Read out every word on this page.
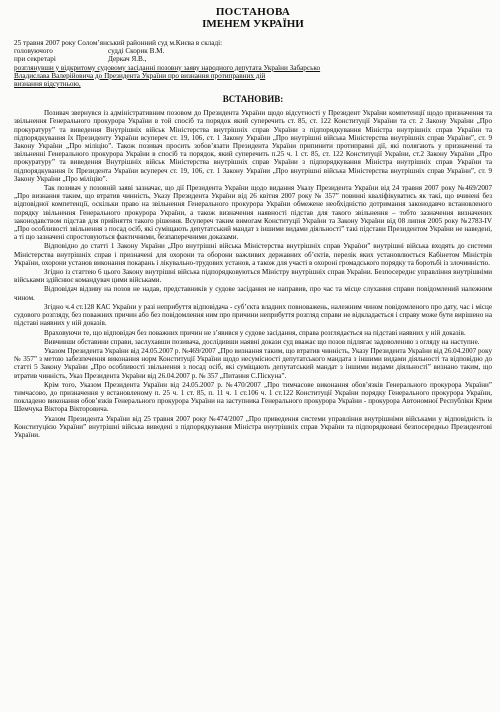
ПОСТАНОВА
ІМЕНЕМ УКРАЇНИ
25 травня 2007 року Солом’янський районний суд м.Києва в складі:
головуючого	судді Скорик В.М.
при секретарі	Деркач Я.В.,
розглянувши у відкритому судовому засіданні позовну заяву народного депутата України Забарсько
Владислава Валерійовича до Президента України про визнання протиправних дій
визнання відсутньою,
ВСТАНОВИВ:

Позивач звернувся із адміністративним позовом до Президента України щодо відсутності у Президент України компетенції щодо призначення та звільнення Генерального прокурора України в той спосіб та порядок який суперечить ст. 85, ст. 122 Конституції України та ст. 2 Закону України „Про прокуратуру” та виведення Внутрішніх військ Міністерства внутрішніх справ України з підпорядкування Міністра внутрішніх справ України та підпорядкування їх Президенту України всупереч ст. 19, 106, ст. 1 Закону України „Про внутрішні війська Міністерства внутрішніх справ України”, ст. 9 Закону України „Про міліцію”. Також позивач просить зобов’язати Президента України припинити протиправні дії, які полягають у призначенні та звільненні Генерального прокурора України в спосіб та порядок, який суперечить п.25 ч. 1 ст. 85, ст. 122 Конституції України, ст.2 Закону України „Про прокуратуру” та виведення Внутрішніх військ Міністерства внутрішніх справ України з підпорядкування Міністра внутрішніх справ України та підпорядкування їх Президента України всупереч ст. 19, 106, ст. 1 Закону України „Про внутрішні війська Міністерства внутрішніх справ України”, ст. 9 Закону України „Про міліцію”.

Так позивач у позовній заяві зазначає, що дії Президента України щодо видання Указу Президента України від 24 травня 2007 року №469/2007 „Про визнання таким, що втратив чинність, Указу Президента України від 26 квітня 2007 року № 357” повинні кваліфікуватись як такі, що вчинені без відповідної компетенції, оскільки право на звільнення Генерального прокурора України обмежене необхідністю дотримання законодавчо встановленого порядку звільнення Генерального прокурора України, а також визначення наявності підстав для такого звільнення – тобто зазначення визначених законодавством підстав для прийняття такого рішення. Всупереч таким вимогам Конституції України та Закону України від 08 липня 2005 року №2783-IV „Про особливості звільнення з посад осіб, які суміщають депутатський мандат з іншими видами діяльності” такі підстави Президентом України не наведені, а ті що зазначені спростовуються фактичними, безпаперечними доказами.

Відповідно до статті 1 Закону України „Про внутрішні війська Міністерства внутрішніх справ України” внутрішні війська входять до системи Міністерства внутрішніх справ і призначені для охорони та оборони важливих державних об’єктів, перелік яких установлюється Кабінетом Міністрів України, охорони установ виконання покарань і лікувально-трудових установ, а також для участі в охороні громадського порядку та боротьбі із злочинністю.

Згідно із статтею 6 цього Закону внутрішні війська підпорядковуються Міністру внутрішніх справ України. Безпосереднє управління внутрішніми військами здійснює командувач цими військами.

Відповідач відзиву на позов не надав, представників у судове засідання не направив, про час та місце слухання справи повідомлений належним чином.

Згідно ч.4 ст.128 КАС України у разі неприбуття відповідача - суб’єкта владних повноважень, належним чином повідомленого про дату, час і місце судового розгляду, без поважних причин або без повідомлення ним про причини неприбуття розгляд справи не відкладається і справу може бути вирішено на підставі наявних у ній доказів.

Враховуючи те, що відповідач без поважних причин не з’явився у судове засідання, справа розглядається на підставі наявних у ній доказів.

Вивчивши обставини справи, заслухавши позивача, дослідивши наявні докази суд вважає що позов підлягає задоволенню з огляду на наступне.

Указом Президента України від 24.05.2007 р. №469/2007 „Про визнання таким, що втратив чинність, Указу Президента України від 26.04.2007 року № 357” з метою забезпечення виконання норм Конституції України щодо несумісності депутатського мандата з іншими видами діяльності та відповідно до статті 5 Закону України „Про особливості звільнення з посад осіб, які суміщають депутатський мандат з іншими видами діяльності” визнано таким, що втратив чинність, Указ Президента України від 26.04.2007 р. № 357 „Питання С.Піскуна”.

Крім того, Указом Президента України від 24.05.2007 р. №470/2007 „Про тимчасове виконання обов’язків Генерального прокурора України” тимчасово, до призначення у встановленому п. 25 ч. 1 ст. 85, п. 11 ч. 1 ст.106 ч. 1 ст.122 Конституції України порядку Генерального прокурора України, покладено виконання обов’язків Генерального прокурора України на заступника Генерального прокурора України - прокурора Автономної Республіки Крим Шемчука Віктора Вікторовича.

Указом Президента України від 25 травня 2007 року №474/2007 „Про приведення системи управління внутрішніми військами у відповідність із Конституцією України” внутрішні війська виведені з підпорядкування Міністра внутрішніх справ України та підпорядковані безпосередньо Президентові України.
